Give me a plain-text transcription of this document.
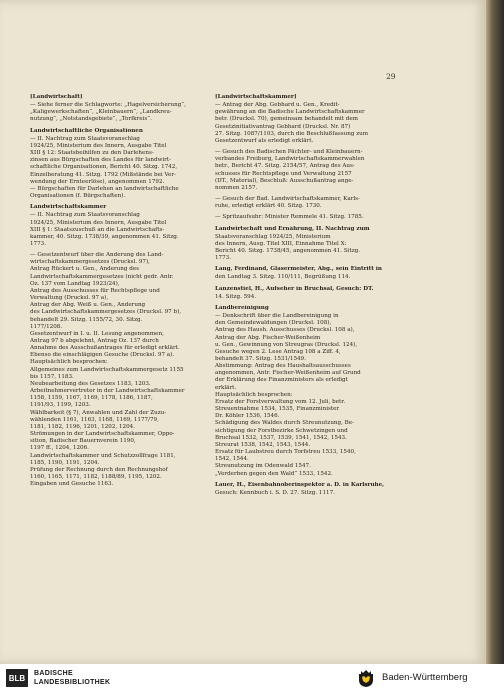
29
[Landwirtschaft]
— Siehe ferner die Schlagworte: „Hagelversicherung“,
„Kaligewerkschaften“, „Kleinbauern“, „Landkreu-
nutzung“, „Notstandsgebiete“, „Torfkreis“.
Landwirtschaftliche Organisationen
— II. Nachtrag zum Staatsvoranschlag
1924/25, Ministerium des Innern, Ausgabe Titel
XIII § 12: Staatsbeihilfen zu den Darlehens-
zinsen aus Bürgschaften des Landes für landwirt-
schaftliche Organisationen, Bericht 40. Sitzg. 1742,
Einzelberatung 41. Sitzg. 1792 (Mißstände bei Ver-
wendung der Ernteerlöse), angenommen 1792.
— Bürgschaften für Darlehen an landwirtschaftliche
Organisationen (f. Bürgschaften).
Landwirtschaftskammer
— II. Nachtrag zum Staatsvoranschlag
1924/25, Ministerium des Innern, Ausgabe Titel
XIII § 1: Staatszuschuß an die Landwirtschafts-
kammer, 40. Sitzg. 1738/39, angenommen 41. Sitzg.
1773.
— Gesetzentwurf über die Änderung des Land-
wirtschaftskammergesetzes (Drucksl. 97),
Antrag Rückert u. Gen., Änderung des
Landwirtschaftskammergesetzes (nicht gedr. Antr.
Oz. 137 vom Landtag 1923/24),
Antrag des Ausschusses für Rechtspflege und
Verwaltung (Drucksl. 97 a),
Antrag der Abg. Weiß u. Gen., Änderung
des Landwirtschaftskammergesetzes (Drucksl. 97 b),
behandelt 29. Sitzg. 1155/72, 30. Sitzg.
1177/1208.
Gesetzentwurf in I. u. II. Lesung angenommen,
Antrag 97 b abgelehnt, Antrag Oz. 137 durch
Annahme des Ausschußantrages für erledigt erklärt.
Ebenso die einschlägigen Gesuche (Drucksl. 97 a).
Hauptsächlich besprochen:
Allgemeines zum Landwirtschaftskammergesetz 1155
bis 1157, 1183.
Neubearbeitung des Gesetzes 1183, 1203.
Arbeitnehmervertreter in der Landwirtschaftskammer
1158, 1159, 1167, 1169, 1178, 1186, 1187,
1191/93, 1199, 1203.
Wählbarkeit (§ 7), Anwahlen und Zahl der Zuzu-
wählenden 1161, 1163, 1168, 1169, 1177/79,
1181, 1182, 1196, 1201, 1202, 1204.
Strömungen in der Landwirtschaftskammer, Oppo-
sition, Badischer Bauernverein 1190,
1197 ff., 1204, 1206.
Landwirtschaftskammer und Schutzzollfrage 1181,
1185, 1190, 1191, 1204.
Prüfung der Rechnung durch den Rechnungshof
1160, 1165, 1171, 1182, 1188/89, 1195, 1202.
Eingaben und Gesuche 1163.
[Landwirtschaftskammer]
— Antrag der Abg. Gebhard u. Gen., Kredit-
gewährung an die Badische Landwirtschaftskammer
betr. (Drucksl. 70), gemeinsam behandelt mit dem
Gesetzinitiativantrag Gebhard (Drucksl. Nr. 87)
27. Sitzg. 1087/1103, durch die Beschlußfassung zum
Gesetzentwurf als erledigt erklärt.
— Gesuch des Badischen Pächter- und Kleinbauern-
verbandes Freiburg, Landwirtschaftskammerwahlen
betr., Bericht 47. Sitzg. 2154/57, Antrag des Aus-
schusses für Rechtspflege und Verwaltung 2157
(DT., Material), Beschluß: Ausschußantrag ange-
nommen 2157.
— Gesuch der Bad. Landwirtschaftskammer, Karls-
ruhe, erledigt erklärt 40. Sitzg. 1730.
— Spritzaufsuhr: Minister Remmele 41. Sitzg. 1785.
Landwirtschaft und Ernährung, II. Nachtrag zum
Staatsvoranschlag 1924/25, Ministerium
des Innern, Ausg. Titel XIII, Einnahme Titel X:
Bericht 40. Sitzg. 1738/45, angenommen 41. Sitzg.
1773.
Lang, Ferdinand, Glasermeister, Abg., sein Eintritt in
den Landtag 3. Sitzg. 110/111, Begrüßung 114.
Lanzenstiel, H., Aufseher in Bruchsal, Gesuch: DT.
14. Sitzg. 594.
Landbereinigung
— Denkschrift über die Landbereinigung in
den Gemeindewaldungen (Drucksl. 108),
Antrag des Haush. Ausschusses (Drucksl. 108 a),
Antrag der Abg. Fischer-Weißenheim
u. Gen., Gewinnung von Streugras (Drucksl. 124),
Gesuche wegen 2. Lese Antrag 108 a Ziff. 4,
behandelt 37. Sitzg. 1531/1549.
Abstimmung: Antrag des Haushaltsausschusses
angenommen, Antr. Fischer-Weißenheim auf Grund
der Erklärung des Finanzministers als erledigt
erklärt.
Hauptsächlich besprochen:
Ersatz der Forstverwaltung vom 12. Juli, betr.
Streuentnahme 1534, 1535, Finanzminister
Dr. Köhler 1536, 1546.
Schädigung des Waldes durch Streunutzung, Be-
sichtigung der Forstbezirke Schwetzingen und
Bruchsal 1532, 1537, 1539, 1541, 1542, 1543.
Streurat 1538, 1542, 1543, 1544.
Ersatz für Laubstreu durch Torfstreu 1533, 1540,
1542, 1544.
Streunutzung im Odenwald 1547.
„Verderben gegen den Wald“ 1533, 1542.
Lauer, H., Eisenbahnoberinspektor a. D. in Karlsruhe,
Gesuch: Kennbuch i. S. D. 27. Sitzg. 1117.
BLB	BADISCHE
LANDESBIBLIOTHEK	Baden-Württemberg
